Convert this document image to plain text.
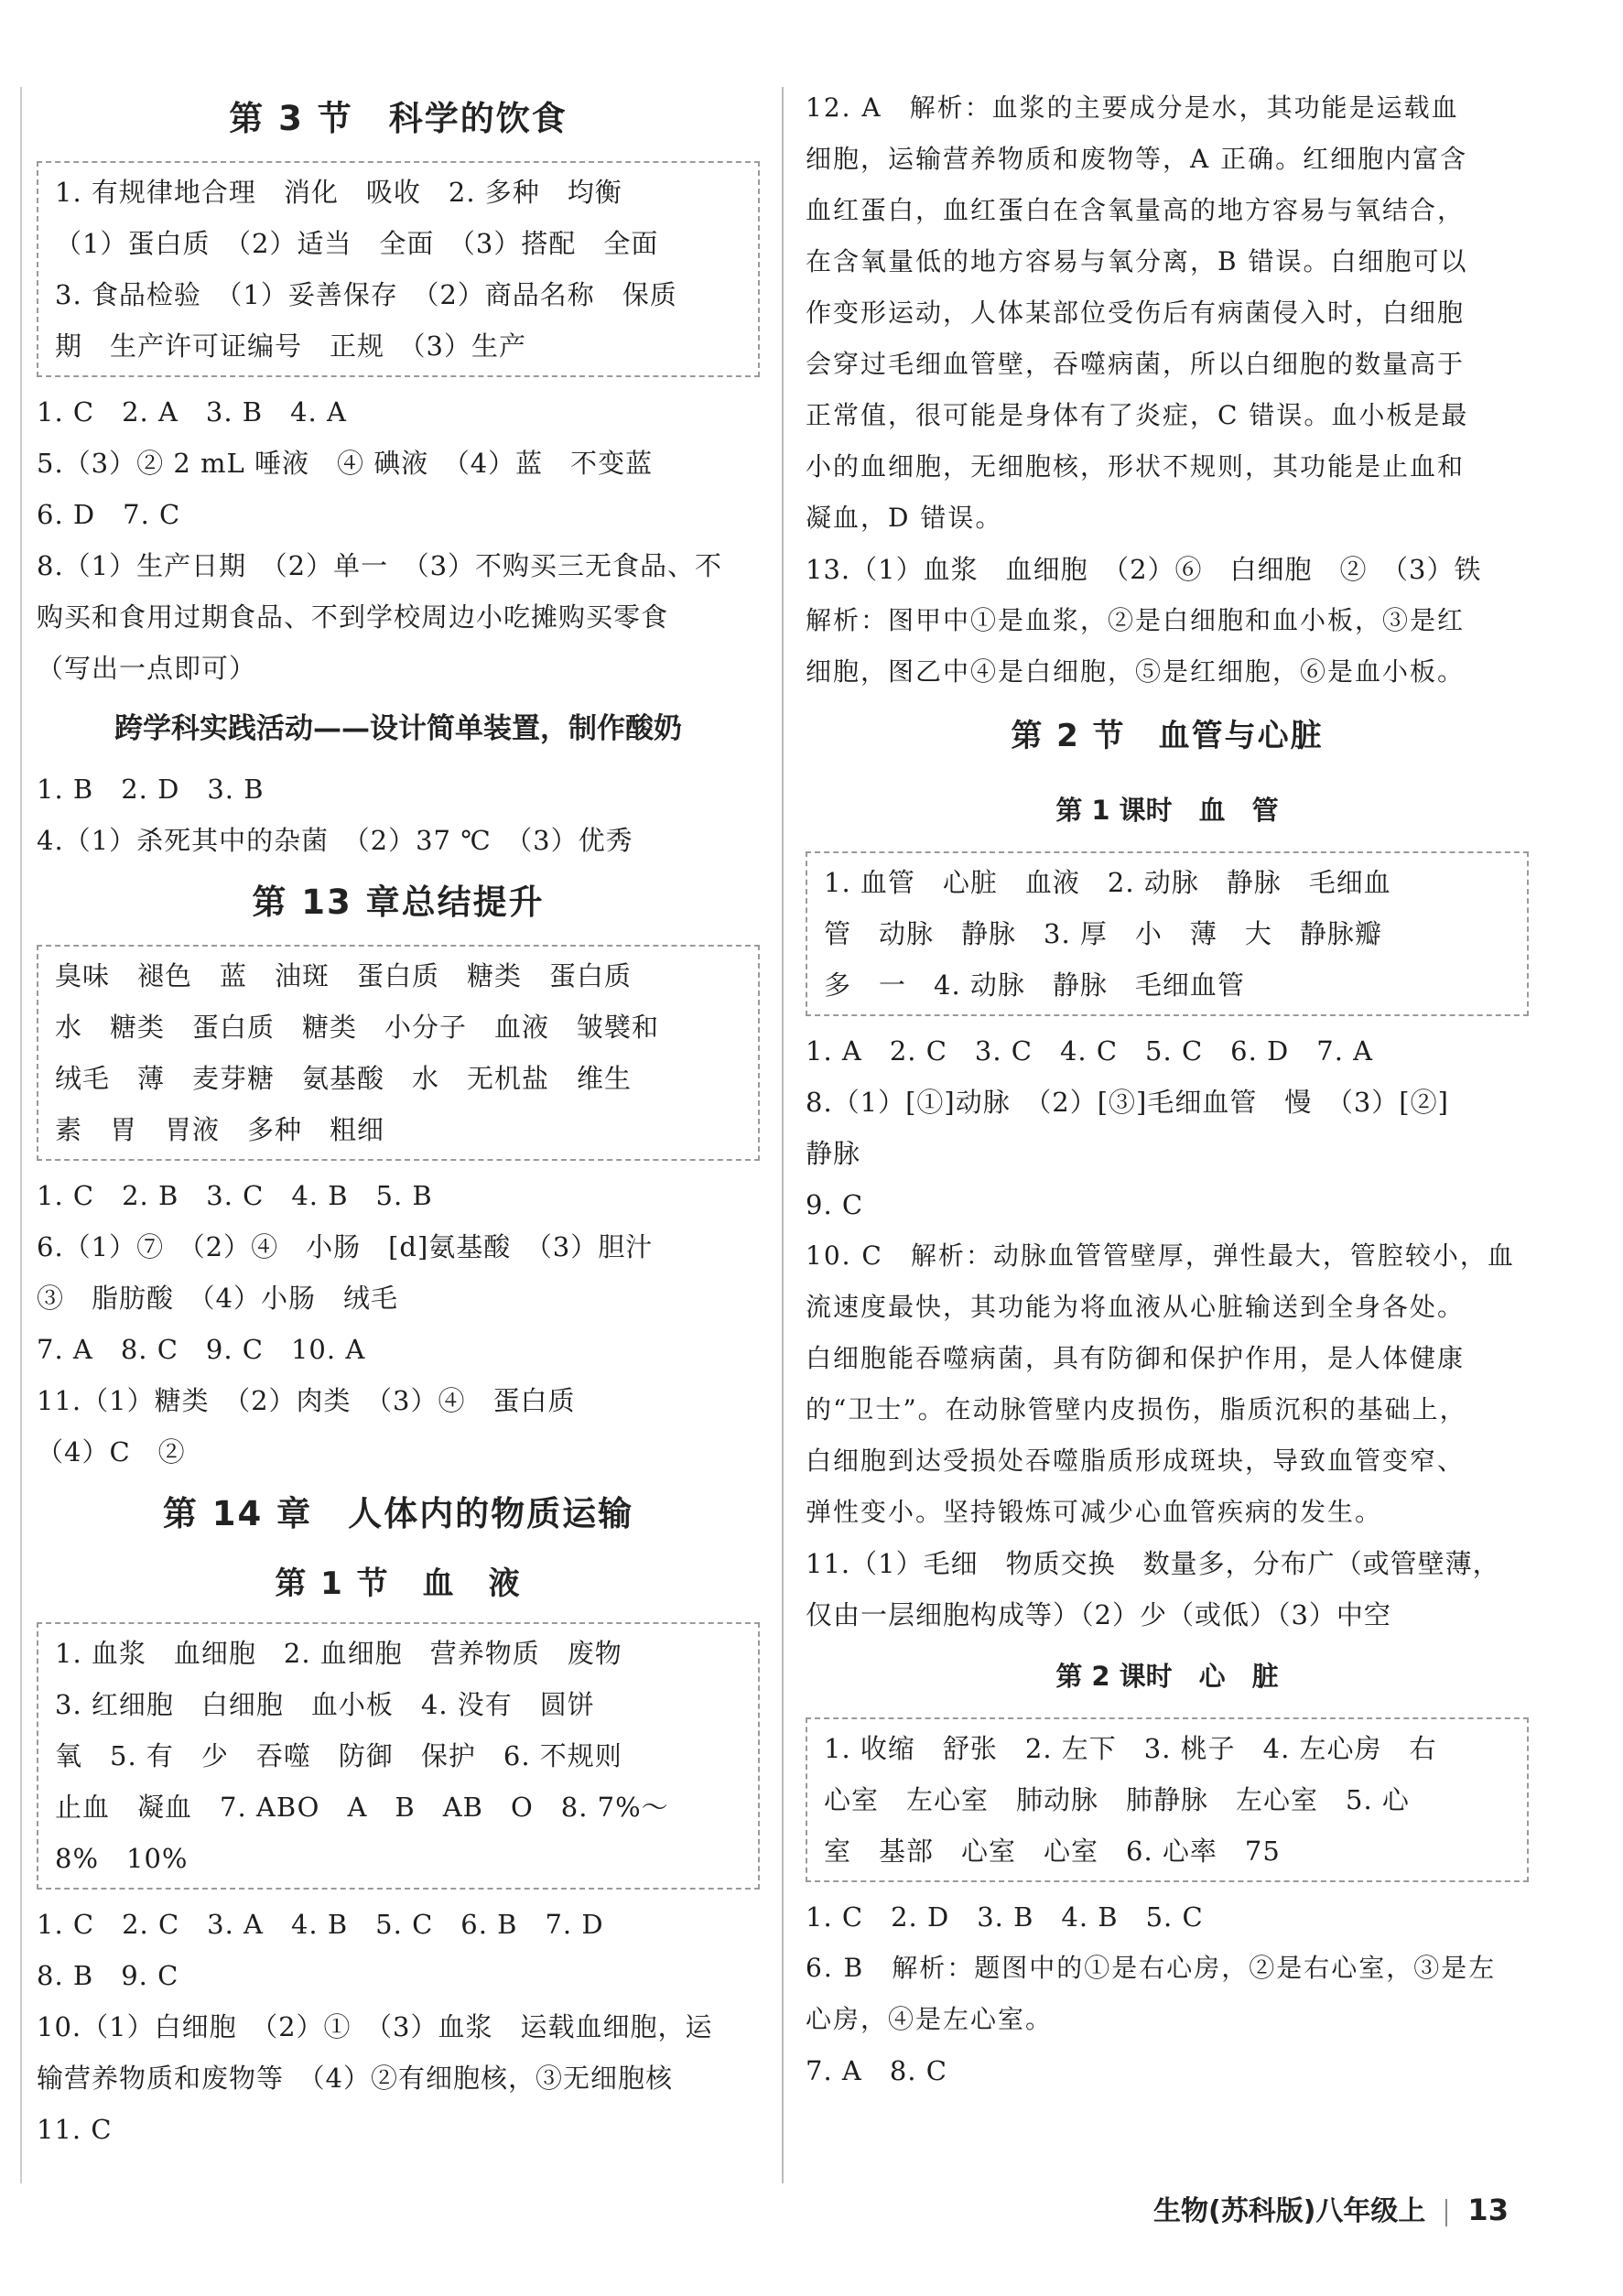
第 3 节　科学的饮食
1. 有规律地合理　消化　吸收　2. 多种　均衡
（1）蛋白质　（2）适当　全面　（3）搭配　全面
3. 食品检验　（1）妥善保存　（2）商品名称　保质
期　生产许可证编号　正规　（3）生产
1. C　2. A　3. B　4. A
5.（3）② 2 mL 唾液　④ 碘液　（4）蓝　不变蓝
6. D　7. C
8.（1）生产日期　（2）单一　（3）不购买三无食品、不
购买和食用过期食品、不到学校周边小吃摊购买零食
（写出一点即可）
跨学科实践活动——设计简单装置，制作酸奶
1. B　2. D　3. B
4.（1）杀死其中的杂菌　（2）37 ℃　（3）优秀
第 13 章总结提升
臭味　褪色　蓝　油斑　蛋白质　糖类　蛋白质
水　糖类　蛋白质　糖类　小分子　血液　皱襞和
绒毛　薄　麦芽糖　氨基酸　水　无机盐　维生
素　胃　胃液　多种　粗细
1. C　2. B　3. C　4. B　5. B
6.（1）⑦　（2）④　小肠　[d]氨基酸　（3）胆汁
③　脂肪酸　（4）小肠　绒毛
7. A　8. C　9. C　10. A
11.（1）糖类　（2）肉类　（3）④　蛋白质
（4）C　②
第 14 章　人体内的物质运输
第 1 节　血　液
1. 血浆　血细胞　2. 血细胞　营养物质　废物
3. 红细胞　白细胞　血小板　4. 没有　圆饼
氧　5. 有　少　吞噬　防御　保护　6. 不规则
止血　凝血　7. ABO　A　B　AB　O　8. 7%～
8%　10%
1. C　2. C　3. A　4. B　5. C　6. B　7. D
8. B　9. C
10.（1）白细胞　（2）①　（3）血浆　运载血细胞，运
输营养物质和废物等　（4）②有细胞核，③无细胞核
11. C
12. A　解析：血浆的主要成分是水，其功能是运载血
细胞，运输营养物质和废物等，A 正确。红细胞内富含
血红蛋白，血红蛋白在含氧量高的地方容易与氧结合，
在含氧量低的地方容易与氧分离，B 错误。白细胞可以
作变形运动，人体某部位受伤后有病菌侵入时，白细胞
会穿过毛细血管壁，吞噬病菌，所以白细胞的数量高于
正常值，很可能是身体有了炎症，C 错误。血小板是最
小的血细胞，无细胞核，形状不规则，其功能是止血和
凝血，D 错误。
13.（1）血浆　血细胞　（2）⑥　白细胞　②　（3）铁
解析：图甲中①是血浆，②是白细胞和血小板，③是红
细胞，图乙中④是白细胞，⑤是红细胞，⑥是血小板。
第 2 节　血管与心脏
第 1 课时　血　管
1. 血管　心脏　血液　2. 动脉　静脉　毛细血
管　动脉　静脉　3. 厚　小　薄　大　静脉瓣
多　一　4. 动脉　静脉　毛细血管
1. A　2. C　3. C　4. C　5. C　6. D　7. A
8.（1）[①]动脉　（2）[③]毛细血管　慢　（3）[②]
静脉
9. C
10. C　解析：动脉血管管壁厚，弹性最大，管腔较小，血
流速度最快，其功能为将血液从心脏输送到全身各处。
白细胞能吞噬病菌，具有防御和保护作用，是人体健康
的“卫士”。在动脉管壁内皮损伤，脂质沉积的基础上，
白细胞到达受损处吞噬脂质形成斑块，导致血管变窄、
弹性变小。坚持锻炼可减少心血管疾病的发生。
11.（1）毛细　物质交换　数量多，分布广（或管壁薄，
仅由一层细胞构成等）（2）少（或低）（3）中空
第 2 课时　心　脏
1. 收缩　舒张　2. 左下　3. 桃子　4. 左心房　右
心室　左心室　肺动脉　肺静脉　左心室　5. 心
室　基部　心室　心室　6. 心率　75
1. C　2. D　3. B　4. B　5. C
6. B　解析：题图中的①是右心房，②是右心室，③是左
心房，④是左心室。
7. A　8. C
生物(苏科版)八年级上 13
